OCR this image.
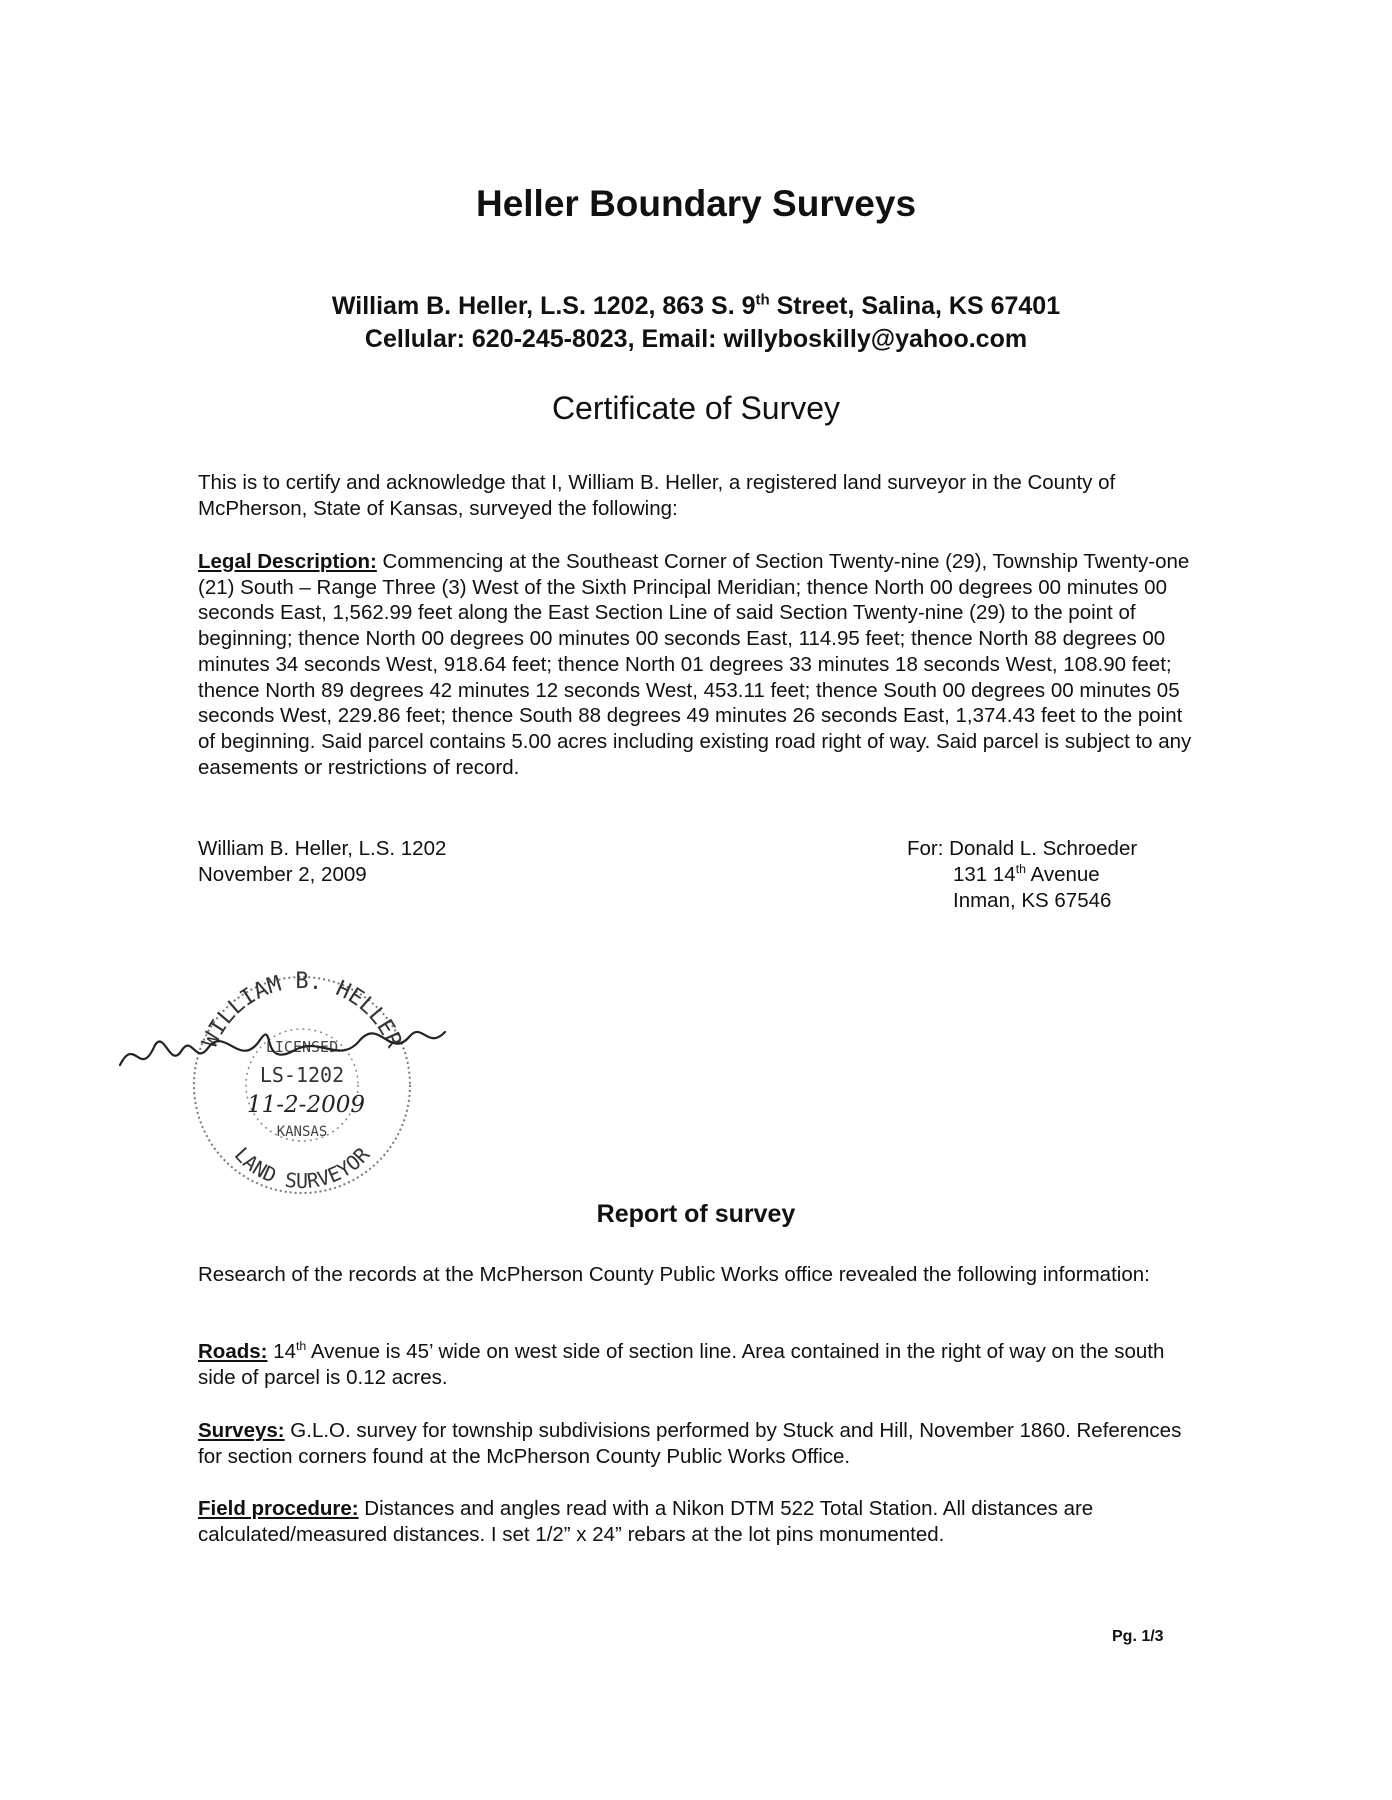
Heller Boundary Surveys
William B. Heller, L.S. 1202, 863 S. 9th Street, Salina, KS 67401
Cellular: 620-245-8023, Email: willyboskilly@yahoo.com
Certificate of Survey

This is to certify and acknowledge that I, William B. Heller, a registered land surveyor in the County of McPherson, State of Kansas, surveyed the following:

Legal Description: Commencing at the Southeast Corner of Section Twenty-nine (29), Township Twenty-one (21) South – Range Three (3) West of the Sixth Principal Meridian; thence North 00 degrees 00 minutes 00 seconds East, 1,562.99 feet along the East Section Line of said Section Twenty-nine (29) to the point of beginning; thence North 00 degrees 00 minutes 00 seconds East, 114.95 feet; thence North 88 degrees 00 minutes 34 seconds West, 918.64 feet; thence North 01 degrees 33 minutes 18 seconds West, 108.90 feet; thence North 89 degrees 42 minutes 12 seconds West, 453.11 feet; thence South 00 degrees 00 minutes 05 seconds West, 229.86 feet; thence South 88 degrees 49 minutes 26 seconds East, 1,374.43 feet to the point of beginning. Said parcel contains 5.00 acres including existing road right of way. Said parcel is subject to any easements or restrictions of record.

William B. Heller, L.S. 1202
November 2, 2009
For: Donald L. Schroeder
131 14th Avenue
Inman, KS 67546
WILLIAM B. HELLER
LAND SURVEYOR
LICENSED
LS-1202
11-2-2009
KANSAS
Report of survey

Research of the records at the McPherson County Public Works office revealed the following information:

Roads: 14th Avenue is 45’ wide on west side of section line. Area contained in the right of way on the south side of parcel is 0.12 acres.

Surveys: G.L.O. survey for township subdivisions performed by Stuck and Hill, November 1860. References for section corners found at the McPherson County Public Works Office.

Field procedure: Distances and angles read with a Nikon DTM 522 Total Station. All distances are calculated/measured distances. I set 1/2” x 24” rebars at the lot pins monumented.

Pg. 1/3
